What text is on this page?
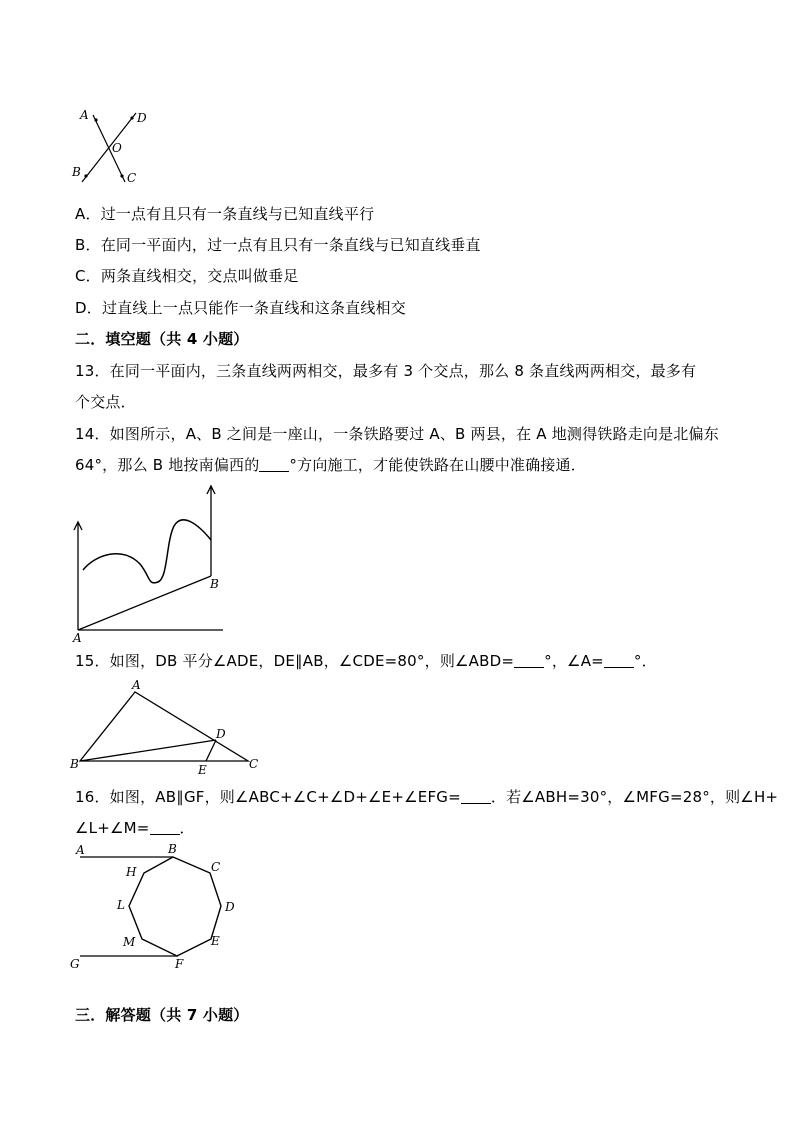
A	D
O
B	C
A．过一点有且只有一条直线与已知直线平行
B．在同一平面内，过一点有且只有一条直线与已知直线垂直
C．两条直线相交，交点叫做垂足
D．过直线上一点只能作一条直线和这条直线相交
二．填空题（共 4 小题）
13．在同一平面内，三条直线两两相交，最多有 3 个交点，那么 8 条直线两两相交，最多有
个交点．
14．如图所示，A、B 之间是一座山，一条铁路要过 A、B 两县，在 A 地测得铁路走向是北偏东
64°，那么 B 地按南偏西的 °方向施工，才能使铁路在山腰中准确接通．
A
B
15．如图，DB 平分∠ADE，DE∥AB，∠CDE=80°，则∠ABD= °，∠A= °．
A
B	C
D
E
16．如图，AB∥GF，则∠ABC+∠C+∠D+∠E+∠EFG= ．若∠ABH=30°，∠MFG=28°，则∠H+
∠L+∠M= ．
A	B
C
H
L	D
M	E
G	F
三．解答题（共 7 小题）
